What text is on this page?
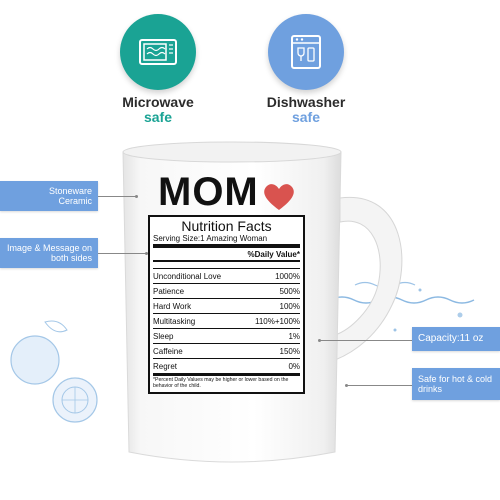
Microwave
safe
Dishwasher
safe
MOM
Nutrition Facts
Serving Size:1 Amazing Woman
%Daily Value*
Unconditional Love	1000%
Patience	500%
Hard Work	100%
Multitasking	110%+100%
Sleep	1%
Caffeine	150%
Regret	0%
*Percent Daily Values may be higher or lower based on the behavior of the child.
Stoneware Ceramic
Image & Message on both sides
Capacity:11 oz
Safe for hot & cold drinks
